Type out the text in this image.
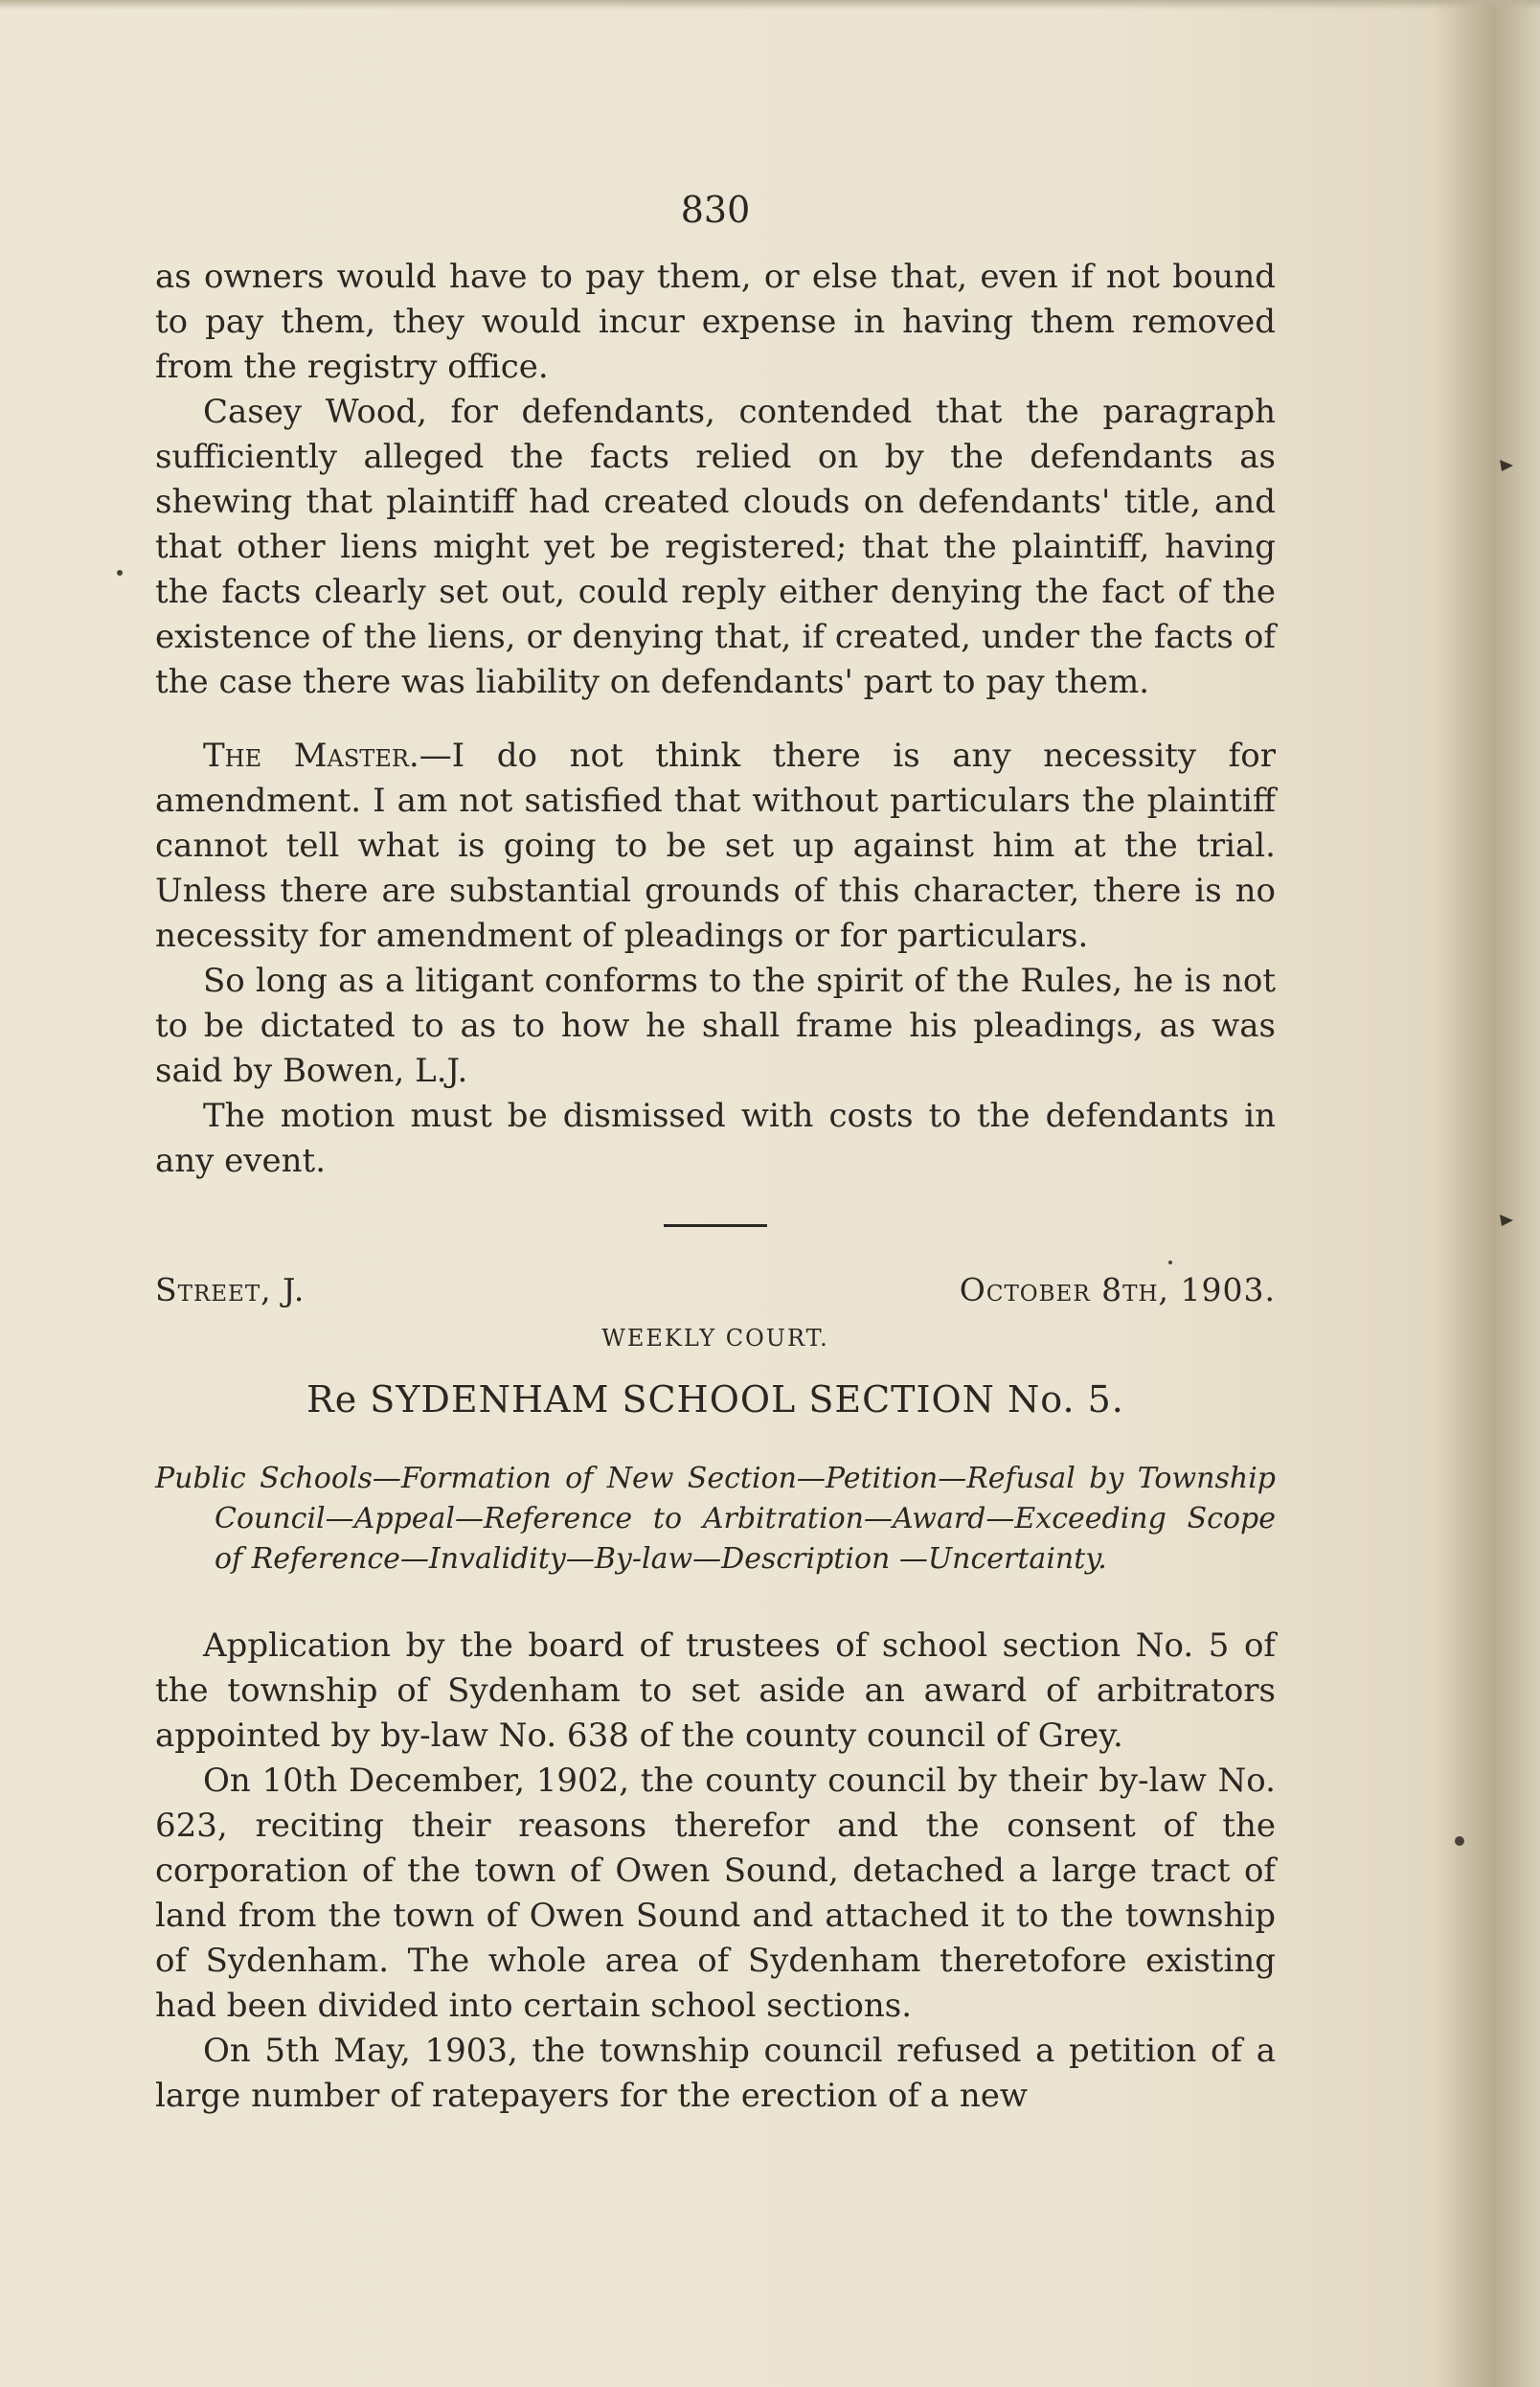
830

as owners would have to pay them, or else that, even if not bound to pay them, they would incur expense in having them removed from the registry office.

Casey Wood, for defendants, contended that the paragraph sufficiently alleged the facts relied on by the defendants as shewing that plaintiff had created clouds on defendants' title, and that other liens might yet be registered; that the plaintiff, having the facts clearly set out, could reply either denying the fact of the existence of the liens, or denying that, if created, under the facts of the case there was liability on defendants' part to pay them.

The Master.—I do not think there is any necessity for amendment. I am not satisfied that without particulars the plaintiff cannot tell what is going to be set up against him at the trial. Unless there are substantial grounds of this character, there is no necessity for amendment of pleadings or for particulars.

So long as a litigant conforms to the spirit of the Rules, he is not to be dictated to as to how he shall frame his pleadings, as was said by Bowen, L.J.

The motion must be dismissed with costs to the defendants in any event.

Street, J.	October 8th, 1903.
WEEKLY COURT.
Re SYDENHAM SCHOOL SECTION No. 5.

Public Schools—Formation of New Section—Petition—Refusal by Township Council—Appeal—Reference to Arbitration—Award—Exceeding Scope of Reference—Invalidity—By-law—Description —Uncertainty.

Application by the board of trustees of school section No. 5 of the township of Sydenham to set aside an award of arbitrators appointed by by-law No. 638 of the county council of Grey.

On 10th December, 1902, the county council by their by-law No. 623, reciting their reasons therefor and the consent of the corporation of the town of Owen Sound, detached a large tract of land from the town of Owen Sound and attached it to the township of Sydenham. The whole area of Sydenham theretofore existing had been divided into certain school sections.

On 5th May, 1903, the township council refused a petition of a large number of ratepayers for the erection of a new
